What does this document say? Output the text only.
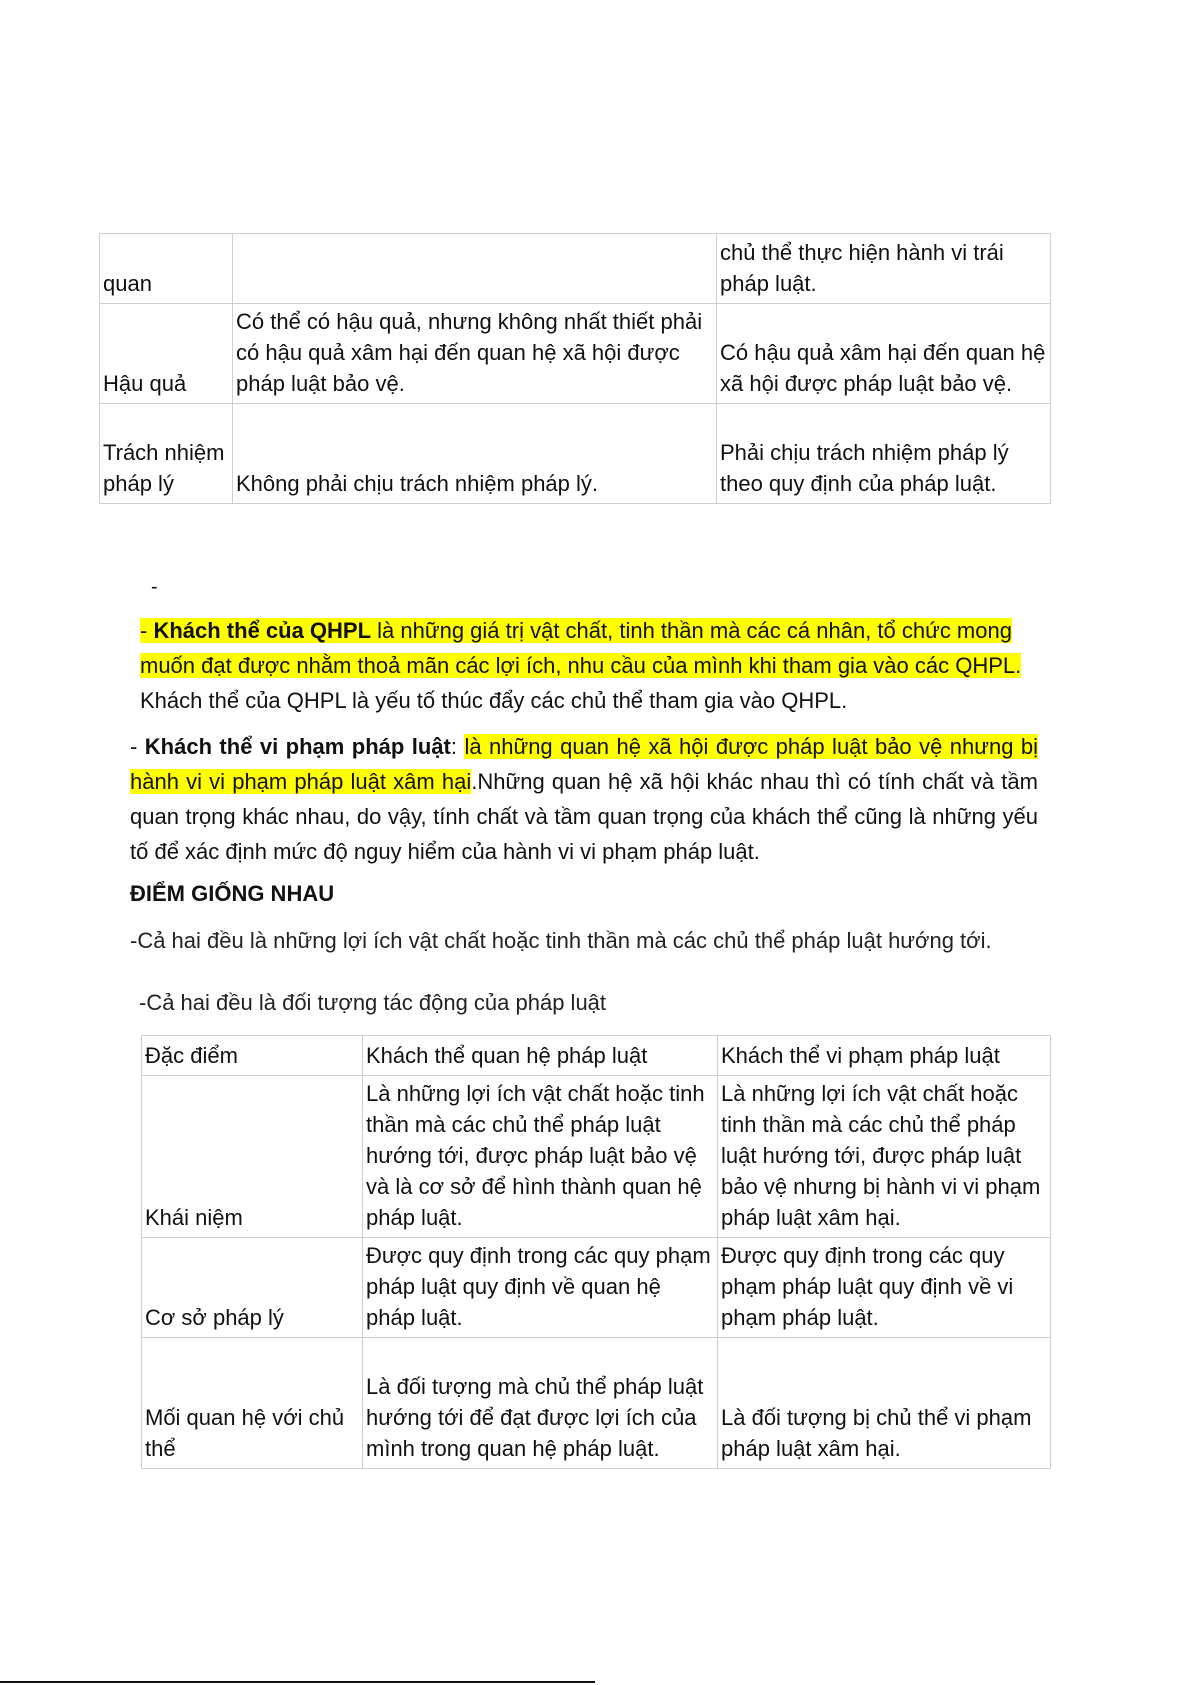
quan		chủ thể thực hiện hành vi trái pháp luật.
Hậu quả	Có thể có hậu quả, nhưng không nhất thiết phải có hậu quả xâm hại đến quan hệ xã hội được pháp luật bảo vệ.	Có hậu quả xâm hại đến quan hệ xã hội được pháp luật bảo vệ.
Trách nhiệm pháp lý	Không phải chịu trách nhiệm pháp lý.	Phải chịu trách nhiệm pháp lý theo quy định của pháp luật.
-
- Khách thể của QHPL là những giá trị vật chất, tinh thần mà các cá nhân, tổ chức mong muốn đạt được nhằm thoả mãn các lợi ích, nhu cầu của mình khi tham gia vào các QHPL. Khách thể của QHPL là yếu tố thúc đẩy các chủ thể tham gia vào QHPL.
- Khách thể vi phạm pháp luật: là những quan hệ xã hội được pháp luật bảo vệ nhưng bị hành vi vi phạm pháp luật xâm hại.Những quan hệ xã hội khác nhau thì có tính chất và tầm quan trọng khác nhau, do vậy, tính chất và tầm quan trọng của khách thể cũng là những yếu tố để xác định mức độ nguy hiểm của hành vi vi phạm pháp luật.
ĐIỂM GIỐNG NHAU
-Cả hai đều là những lợi ích vật chất hoặc tinh thần mà các chủ thể pháp luật hướng tới.
-Cả hai đều là đối tượng tác động của pháp luật
Đặc điểm	Khách thể quan hệ pháp luật	Khách thể vi phạm pháp luật
Khái niệm	Là những lợi ích vật chất hoặc tinh thần mà các chủ thể pháp luật hướng tới, được pháp luật bảo vệ và là cơ sở để hình thành quan hệ pháp luật.	Là những lợi ích vật chất hoặc tinh thần mà các chủ thể pháp luật hướng tới, được pháp luật bảo vệ nhưng bị hành vi vi phạm pháp luật xâm hại.
Cơ sở pháp lý	Được quy định trong các quy phạm pháp luật quy định về quan hệ pháp luật.	Được quy định trong các quy phạm pháp luật quy định về vi phạm pháp luật.
Mối quan hệ với chủ thể	Là đối tượng mà chủ thể pháp luật hướng tới để đạt được lợi ích của mình trong quan hệ pháp luật.	Là đối tượng bị chủ thể vi phạm pháp luật xâm hại.
